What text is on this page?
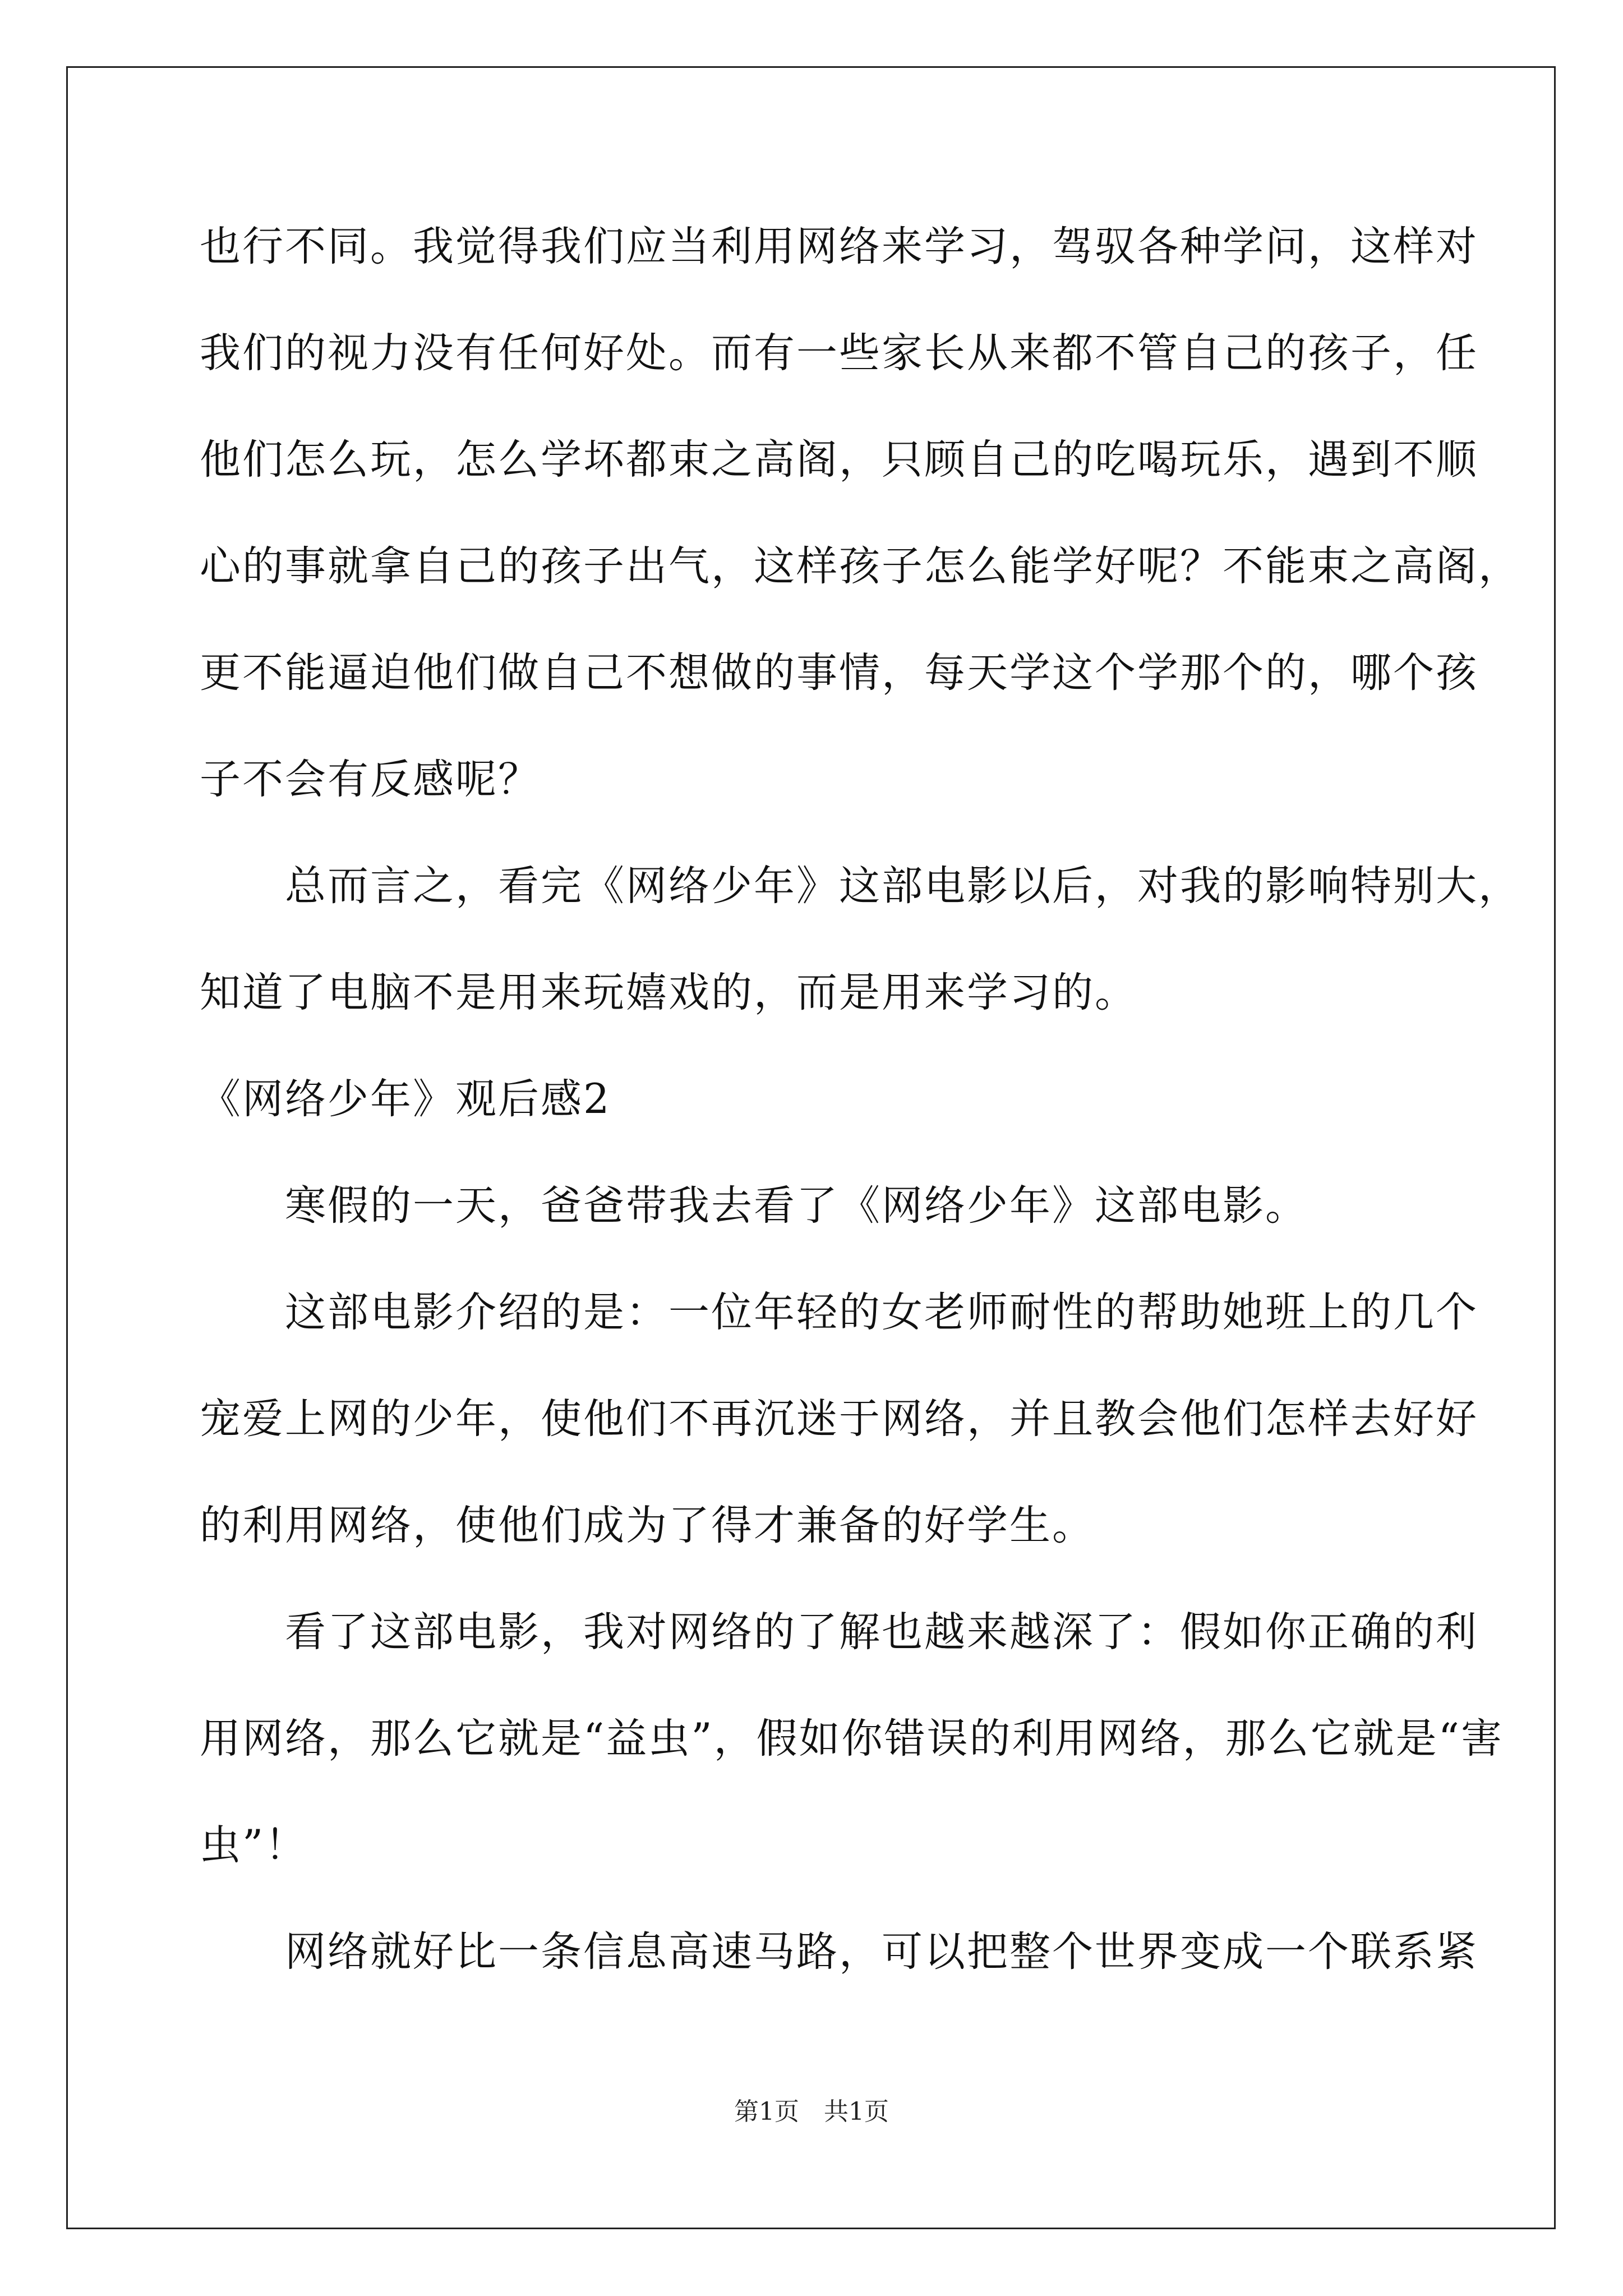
也行不同。我觉得我们应当利用网络来学习，驾驭各种学问，这样对
我们的视力没有任何好处。而有一些家长从来都不管自己的孩子，任
他们怎么玩，怎么学坏都束之高阁，只顾自己的吃喝玩乐，遇到不顺
心的事就拿自己的孩子出气，这样孩子怎么能学好呢？不能束之高阁，
更不能逼迫他们做自己不想做的事情，每天学这个学那个的，哪个孩
子不会有反感呢？
　　总而言之，看完《网络少年》这部电影以后，对我的影响特别大，
知道了电脑不是用来玩嬉戏的，而是用来学习的。
《网络少年》观后感2
　　寒假的一天，爸爸带我去看了《网络少年》这部电影。
　　这部电影介绍的是：一位年轻的女老师耐性的帮助她班上的几个
宠爱上网的少年，使他们不再沉迷于网络，并且教会他们怎样去好好
的利用网络，使他们成为了得才兼备的好学生。
　　看了这部电影，我对网络的了解也越来越深了：假如你正确的利
用网络，那么它就是“益虫”，假如你错误的利用网络，那么它就是“害
虫”！
　　网络就好比一条信息高速马路，可以把整个世界变成一个联系紧
第1页　共1页
